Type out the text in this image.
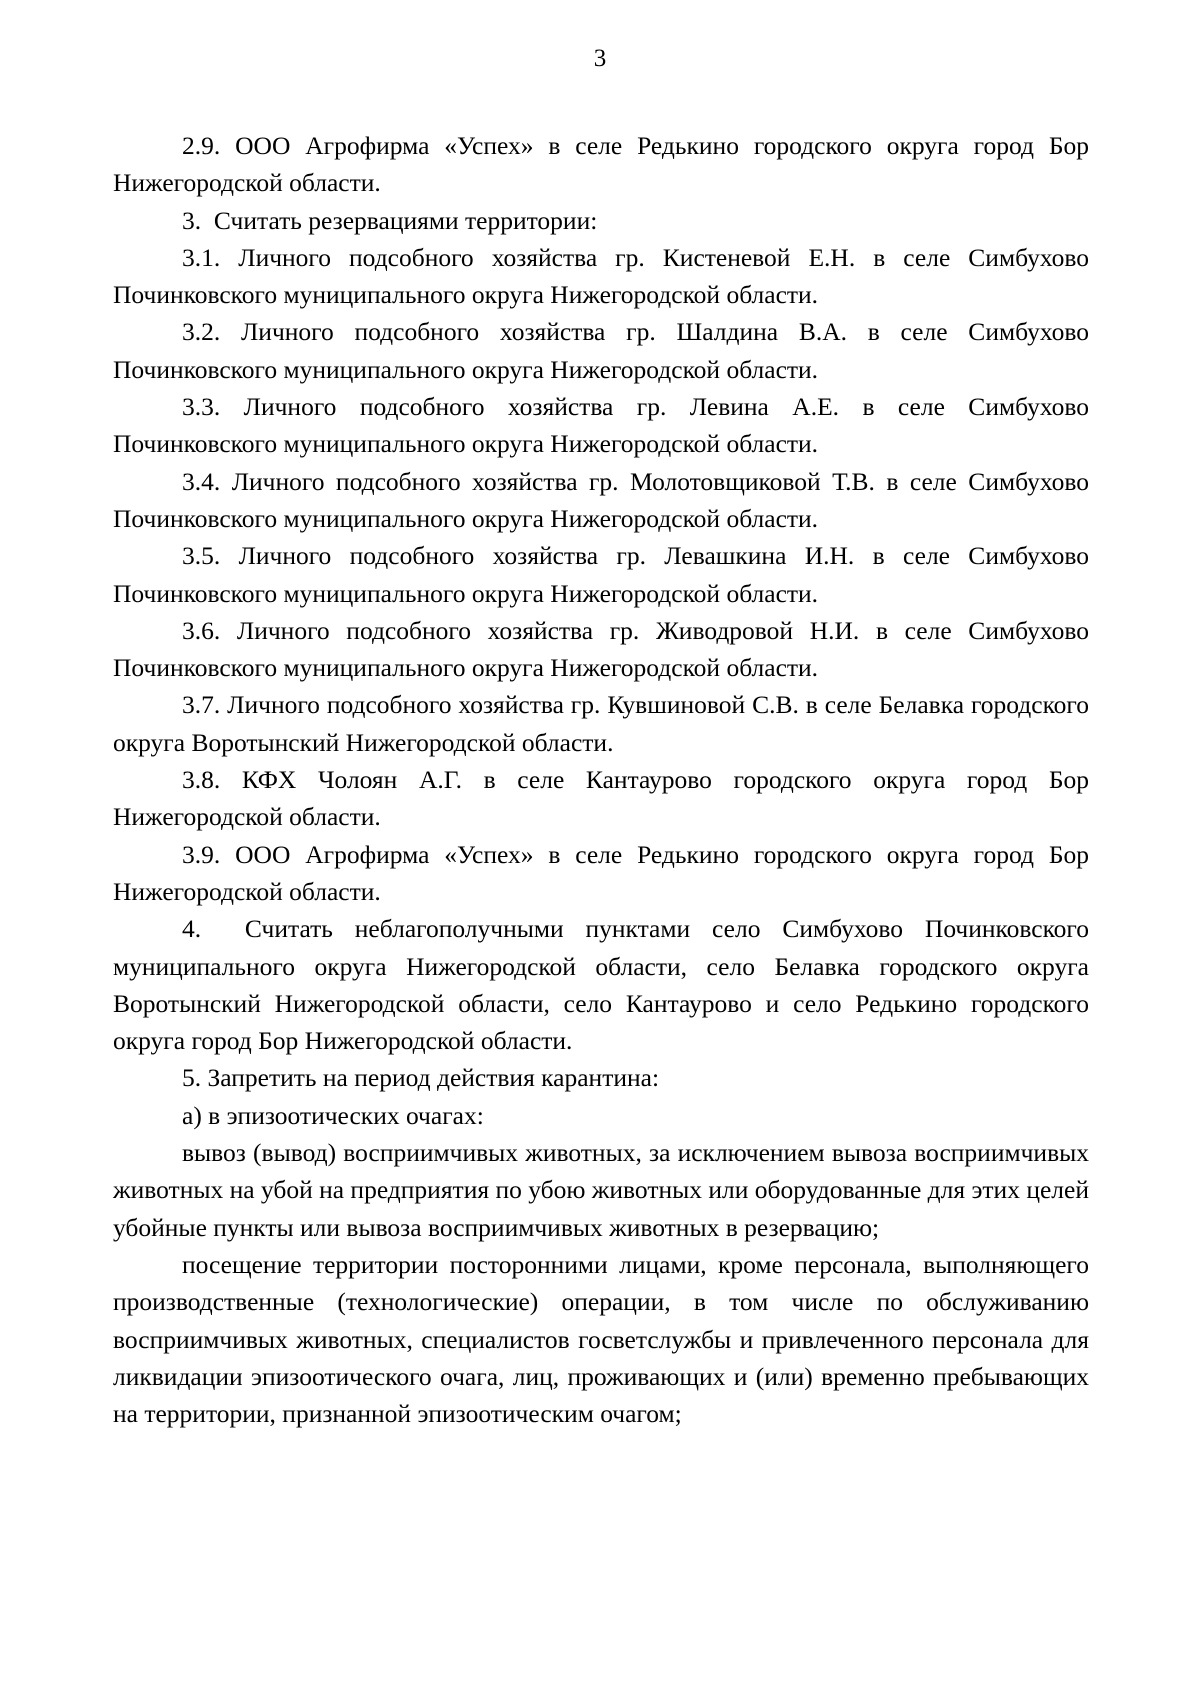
3

2.9. ООО Агрофирма «Успех» в селе Редькино городского округа город Бор Нижегородской области.

3.  Считать резервациями территории:

3.1. Личного подсобного хозяйства гр. Кистеневой Е.Н. в селе Симбухово Починковского муниципального округа Нижегородской области.

3.2. Личного подсобного хозяйства гр. Шалдина В.А. в селе Симбухово Починковского муниципального округа Нижегородской области.

3.3. Личного подсобного хозяйства гр. Левина А.Е. в селе Симбухово Починковского муниципального округа Нижегородской области.

3.4. Личного подсобного хозяйства гр. Молотовщиковой Т.В. в селе Симбухово Починковского муниципального округа Нижегородской области.

3.5. Личного подсобного хозяйства гр. Левашкина И.Н. в селе Симбухово Починковского муниципального округа Нижегородской области.

3.6. Личного подсобного хозяйства гр. Живодровой Н.И. в селе Симбухово Починковского муниципального округа Нижегородской области.

3.7. Личного подсобного хозяйства гр. Кувшиновой С.В. в селе Белавка городского округа Воротынский Нижегородской области.

3.8. КФХ Чолоян А.Г. в селе Кантаурово городского округа город Бор Нижегородской области.

3.9. ООО Агрофирма «Успех» в селе Редькино городского округа город Бор Нижегородской области.

4.  Считать неблагополучными пунктами село Симбухово Починковского муниципального округа Нижегородской области, село Белавка городского округа Воротынский Нижегородской области, село Кантаурово и село Редькино городского округа город Бор Нижегородской области.

5. Запретить на период действия карантина:

а) в эпизоотических очагах:

вывоз (вывод) восприимчивых животных, за исключением вывоза восприимчивых животных на убой на предприятия по убою животных или оборудованные для этих целей убойные пункты или вывоза восприимчивых животных в резервацию;

посещение территории посторонними лицами, кроме персонала, выполняющего производственные (технологические) операции, в том числе по обслуживанию восприимчивых животных, специалистов госветслужбы и привлеченного персонала для ликвидации эпизоотического очага, лиц, проживающих и (или) временно пребывающих на территории, признанной эпизоотическим очагом;
